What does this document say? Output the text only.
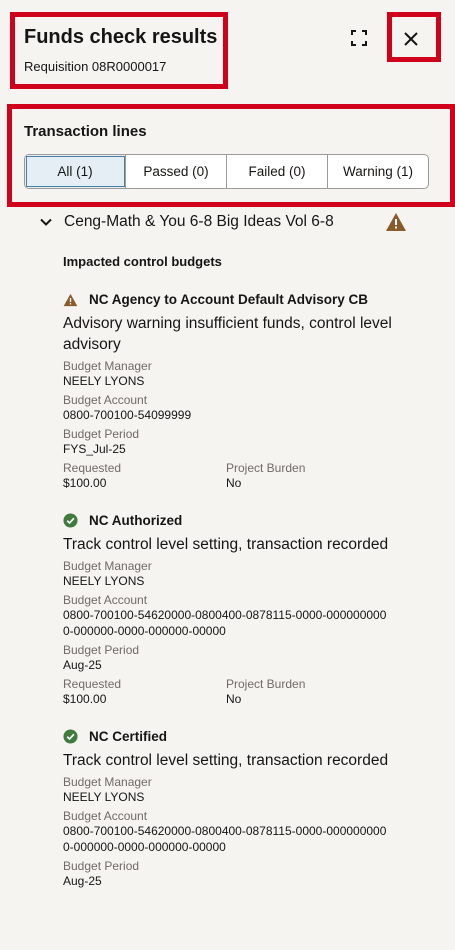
Funds check results
Requisition 08R0000017
Transaction lines
All (1)	Passed (0)	Failed (0)	Warning (1)
Ceng-Math & You 6-8 Big Ideas Vol 6-8
Impacted control budgets
NC Agency to Account Default Advisory CB
Advisory warning insufficient funds, control level advisory
Budget Manager
NEELY LYONS
Budget Account
0800-700100-54099999
Budget Period
FYS_Jul-25
Requested
$100.00
Project Burden
No
NC Authorized
Track control level setting, transaction recorded
Budget Manager
NEELY LYONS
Budget Account
0800-700100-54620000-0800400-0878115-0000-0000000000-000000-0000-000000-00000
Budget Period
Aug-25
Requested
$100.00
Project Burden
No
NC Certified
Track control level setting, transaction recorded
Budget Manager
NEELY LYONS
Budget Account
0800-700100-54620000-0800400-0878115-0000-0000000000-000000-0000-000000-00000
Budget Period
Aug-25
